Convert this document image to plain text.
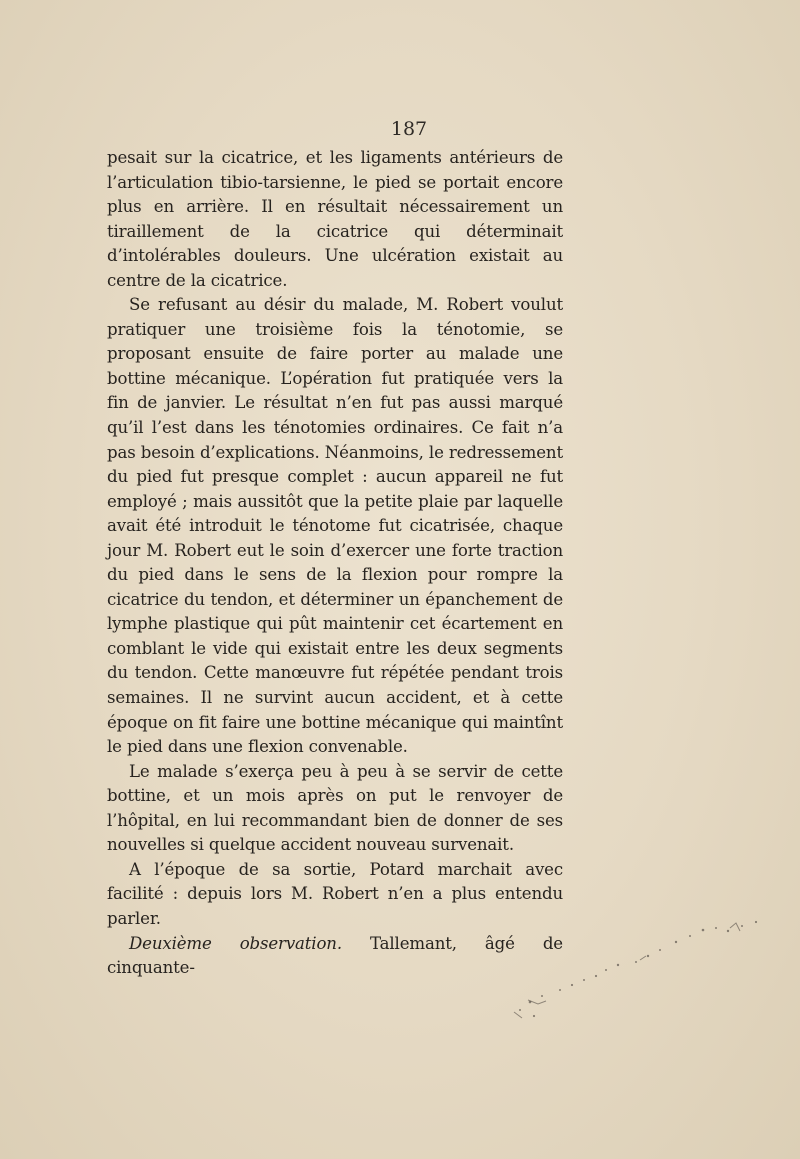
187

pesait sur la cicatrice, et les ligaments antérieurs de l’articulation tibio-tarsienne, le pied se portait encore plus en arrière. Il en résultait nécessairement un tiraillement de la cicatrice qui déterminait d’intolérables douleurs. Une ulcération existait au centre de la cicatrice.

Se refusant au désir du malade, M. Robert voulut pratiquer une troisième fois la ténotomie, se proposant ensuite de faire porter au malade une bottine mécanique. L’opération fut pratiquée vers la fin de janvier. Le résultat n’en fut pas aussi marqué qu’il l’est dans les ténotomies ordinaires. Ce fait n’a pas besoin d’explications. Néanmoins, le redressement du pied fut presque complet : aucun appareil ne fut employé ; mais aussitôt que la petite plaie par laquelle avait été introduit le ténotome fut cicatrisée, chaque jour M. Robert eut le soin d’exercer une forte traction du pied dans le sens de la flexion pour rompre la cicatrice du tendon, et déterminer un épanchement de lymphe plastique qui pût maintenir cet écartement en comblant le vide qui existait entre les deux segments du tendon. Cette manœuvre fut répétée pendant trois semaines. Il ne survint aucun accident, et à cette époque on fit faire une bottine mécanique qui maintînt le pied dans une flexion convenable.

Le malade s’exerça peu à peu à se servir de cette bottine, et un mois après on put le renvoyer de l’hôpital, en lui recommandant bien de donner de ses nouvelles si quelque accident nouveau survenait.

A l’époque de sa sortie, Potard marchait avec facilité : depuis lors M. Robert n’en a plus entendu parler.

Deuxième observation. Tallemant, âgé de cinquante-
